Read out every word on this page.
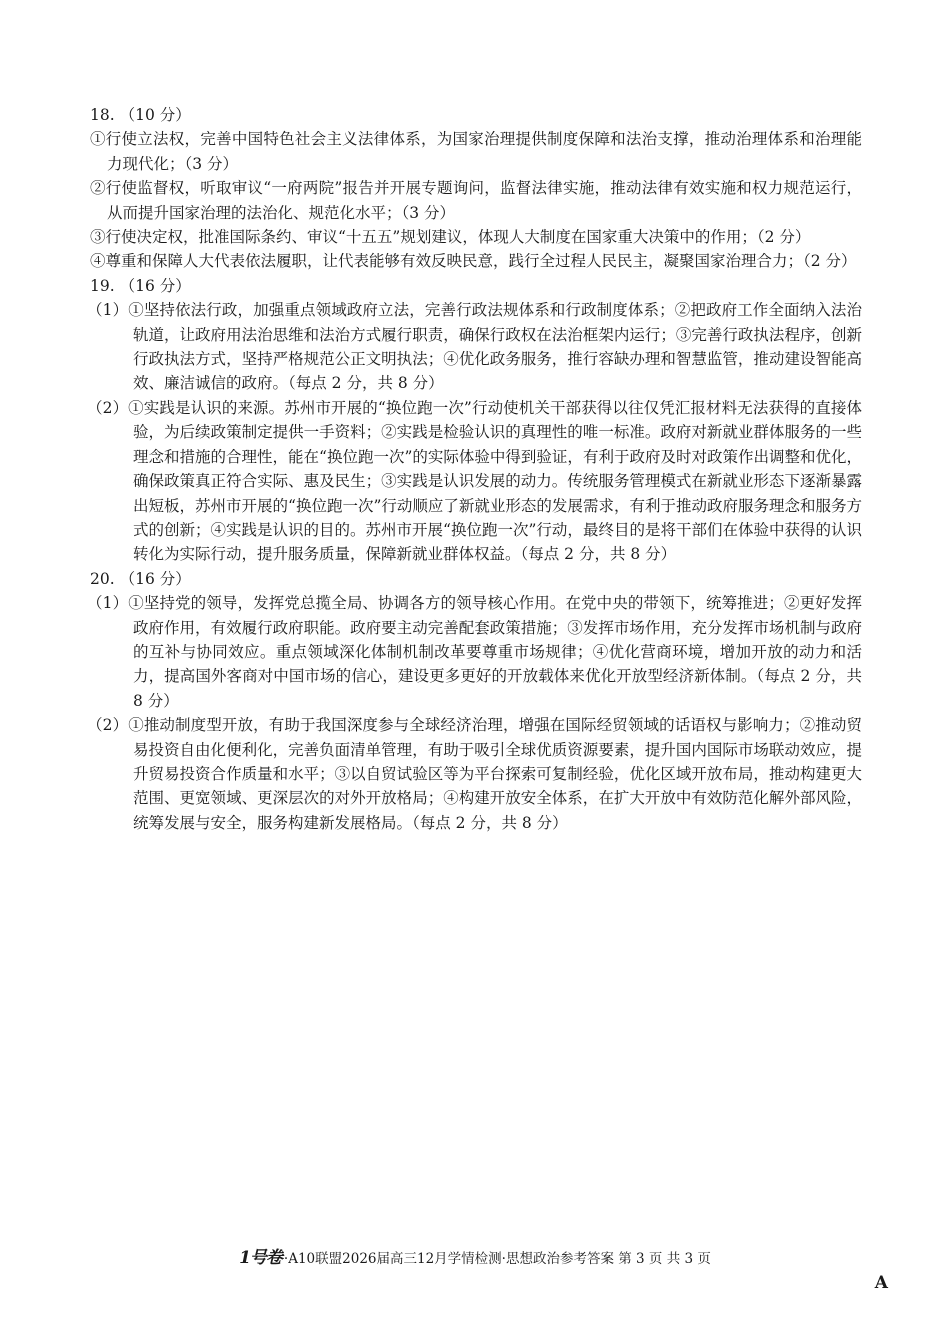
18. （10 分）

①行使立法权，完善中国特色社会主义法律体系，为国家治理提供制度保障和法治支撑，推动治理体系和治理能力现代化；（3 分）

②行使监督权，听取审议“一府两院”报告并开展专题询问，监督法律实施，推动法律有效实施和权力规范运行，从而提升国家治理的法治化、规范化水平；（3 分）

③行使决定权，批准国际条约、审议“十五五”规划建议，体现人大制度在国家重大决策中的作用；（2 分）

④尊重和保障人大代表依法履职，让代表能够有效反映民意，践行全过程人民民主，凝聚国家治理合力；（2 分）

19. （16 分）

（1）①坚持依法行政，加强重点领域政府立法，完善行政法规体系和行政制度体系；②把政府工作全面纳入法治轨道，让政府用法治思维和法治方式履行职责，确保行政权在法治框架内运行；③完善行政执法程序，创新行政执法方式，坚持严格规范公正文明执法；④优化政务服务，推行容缺办理和智慧监管，推动建设智能高效、廉洁诚信的政府。（每点 2 分，共 8 分）

（2）①实践是认识的来源。苏州市开展的“换位跑一次”行动使机关干部获得以往仅凭汇报材料无法获得的直接体验，为后续政策制定提供一手资料；②实践是检验认识的真理性的唯一标准。政府对新就业群体服务的一些理念和措施的合理性，能在“换位跑一次”的实际体验中得到验证，有利于政府及时对政策作出调整和优化，确保政策真正符合实际、惠及民生；③实践是认识发展的动力。传统服务管理模式在新就业形态下逐渐暴露出短板，苏州市开展的“换位跑一次”行动顺应了新就业形态的发展需求，有利于推动政府服务理念和服务方式的创新；④实践是认识的目的。苏州市开展“换位跑一次”行动，最终目的是将干部们在体验中获得的认识转化为实际行动，提升服务质量，保障新就业群体权益。（每点 2 分，共 8 分）

20. （16 分）

（1）①坚持党的领导，发挥党总揽全局、协调各方的领导核心作用。在党中央的带领下，统筹推进；②更好发挥政府作用，有效履行政府职能。政府要主动完善配套政策措施；③发挥市场作用，充分发挥市场机制与政府的互补与协同效应。重点领域深化体制机制改革要尊重市场规律；④优化营商环境，增加开放的动力和活力，提高国外客商对中国市场的信心，建设更多更好的开放载体来优化开放型经济新体制。（每点 2 分，共 8 分）

（2）①推动制度型开放，有助于我国深度参与全球经济治理，增强在国际经贸领域的话语权与影响力；②推动贸易投资自由化便利化，完善负面清单管理，有助于吸引全球优质资源要素，提升国内国际市场联动效应，提升贸易投资合作质量和水平；③以自贸试验区等为平台探索可复制经验，优化区域开放布局，推动构建更大范围、更宽领域、更深层次的对外开放格局；④构建开放安全体系，在扩大开放中有效防范化解外部风险，统筹发展与安全，服务构建新发展格局。（每点 2 分，共 8 分）

1号卷 ·A10联盟2026届高三12月学情检测·思想政治参考答案 第 3 页 共 3 页
A
